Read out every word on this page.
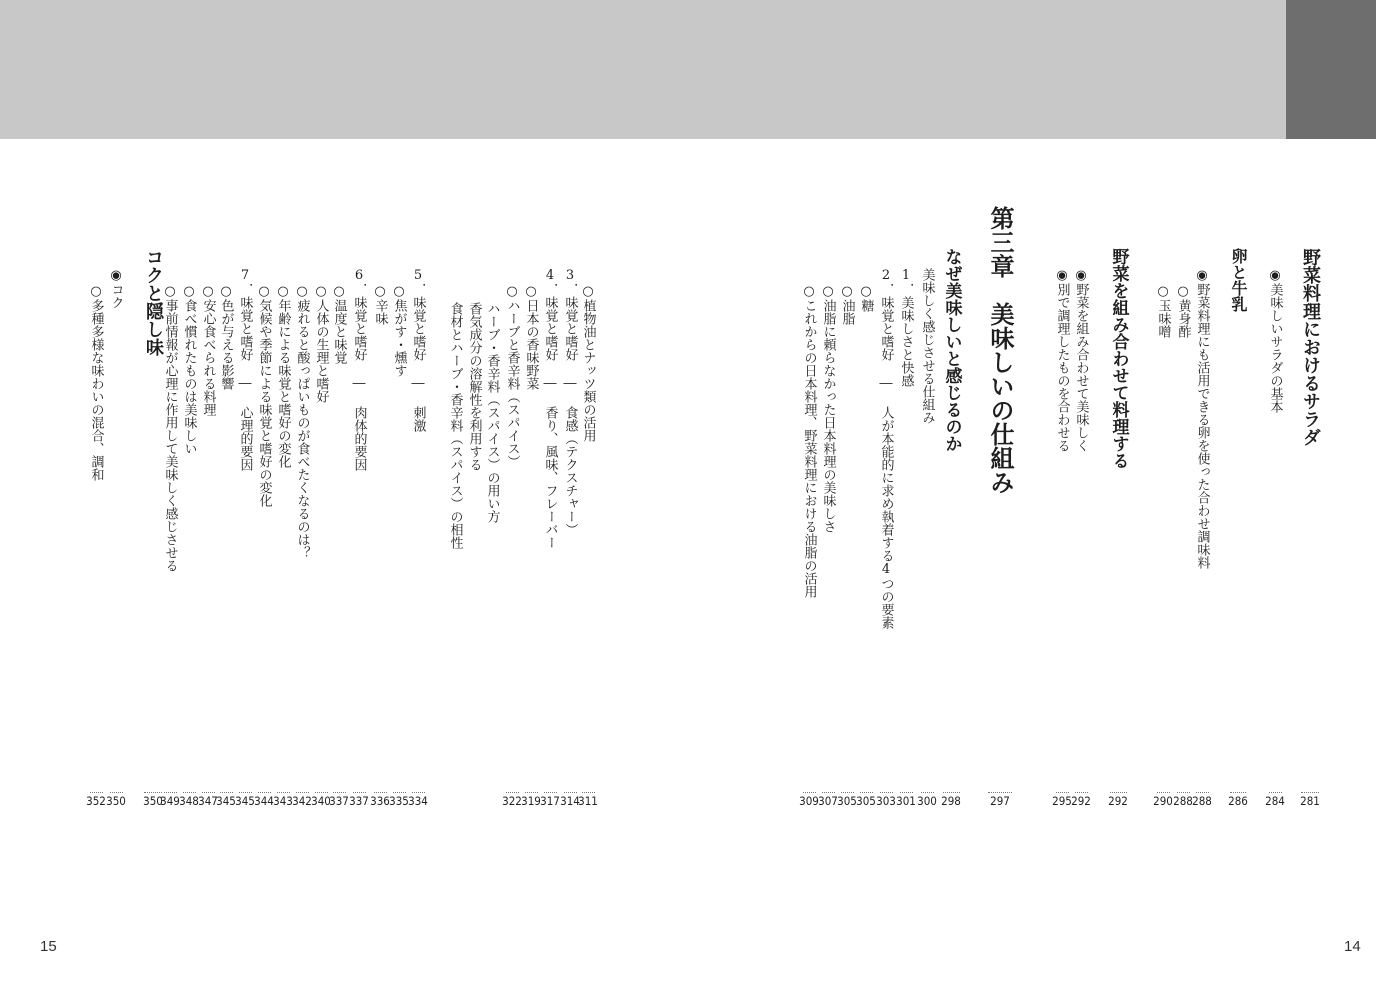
野菜料理におけるサラダ
281
◉美味しいサラダの基本
284
卵と牛乳
286
◉野菜料理にも活用できる卵を使った合わせ調味料
288
○黄身酢
288
○玉味噌
290
野菜を組み合わせて料理する
292
◉野菜を組み合わせて美味しく
292
◉別で調理したものを合わせる
295
第三章　美味しいの仕組み
297
なぜ美味しいと感じるのか
298
美味しく感じさせる仕組み
300
1．美味しさと快感
301
2．味覚と嗜好 ― 人が本能的に求め執着する4つの要素
303
○糖
305
○油脂
305
○油脂に頼らなかった日本料理の美味しさ
307
○これからの日本料理、野菜料理における油脂の活用
309
○植物油とナッツ類の活用
311
3．味覚と嗜好 ― 食感（テクスチャー）
314
4．味覚と嗜好 ― 香り、風味、フレーバー
317
○日本の香味野菜
319
○ハーブと香辛料（スパイス）
322
ハーブ・香辛料（スパイス）の用い方
香気成分の溶解性を利用する
食材とハーブ・香辛料（スパイス）の相性
5．味覚と嗜好 ― 刺激
334
○焦がす・燻す
335
○辛味
336
6．味覚と嗜好 ― 肉体的要因
337
○温度と味覚
337
○人体の生理と嗜好
340
○疲れると酸っぱいものが食べたくなるのは？
342
○年齢による味覚と嗜好の変化
343
○気候や季節による味覚と嗜好の変化
344
7．味覚と嗜好 ― 心理的要因
345
○色が与える影響
345
○安心食べられる料理
347
○食べ慣れたものは美味しい
348
○事前情報が心理に作用して美味しく感じさせる
349
コクと隠し味
350
◉コク
350
○多種多様な味わいの混合、調和
352
15	14
